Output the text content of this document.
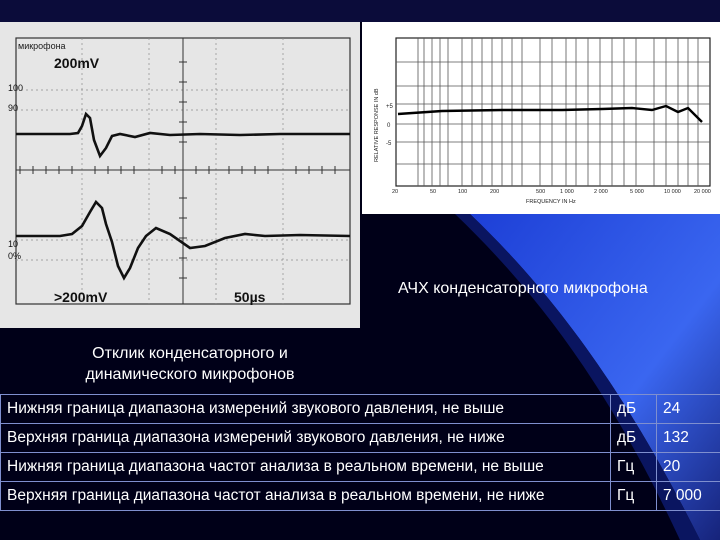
микрофона
200mV
>200mV	50µs
100
90
10
0%
RELATIVE RESPONSE IN dB +5
0
-5
20	50	100	200	500	1 000	2 000	5 000	10 000 20 000
FREQUENCY IN Hz
АЧХ конденсаторного микрофона
Отклик конденсаторного и
динамического микрофонов
Нижняя граница диапазона измерений звукового давления, не выше	дБ	24
Верхняя граница диапазона измерений звукового давления, не ниже	дБ	132
Нижняя граница диапазона частот анализа в реальном времени, не выше	Гц	20
Верхняя граница диапазона частот анализа в реальном времени, не ниже	Гц	7 000
